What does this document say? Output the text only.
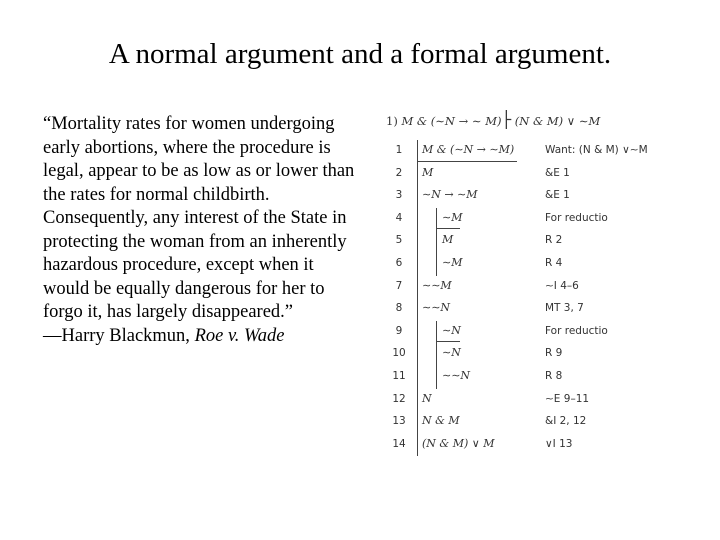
A normal argument and a formal argument.

“Mortality rates for women undergoing early abortions, where the procedure is legal, appear to be as low as or lower than the rates for normal childbirth. Consequently, any interest of the State in protecting the woman from an inherently hazardous procedure, except when it would be equally dangerous for her to forgo it, has largely disappeared.”

—Harry Blackmun, Roe v. Wade

1) M & (∼N → ∼ M)├ (N & M) ∨ ∼M
1	M & (∼N → ∼M)	Want: (N & M) ∨∼M
2	M	&E 1
3	∼N → ∼M	&E 1
4	∼M	For reductio
5	M	R 2
6	∼M	R 4
7	∼∼M	∼I 4–6
8	∼∼N	MT 3, 7
9	∼N	For reductio
10	∼N	R 9
11	∼∼N	R 8
12	N	∼E 9–11
13	N & M	&I 2, 12
14	(N & M) ∨ M	∨I 13
